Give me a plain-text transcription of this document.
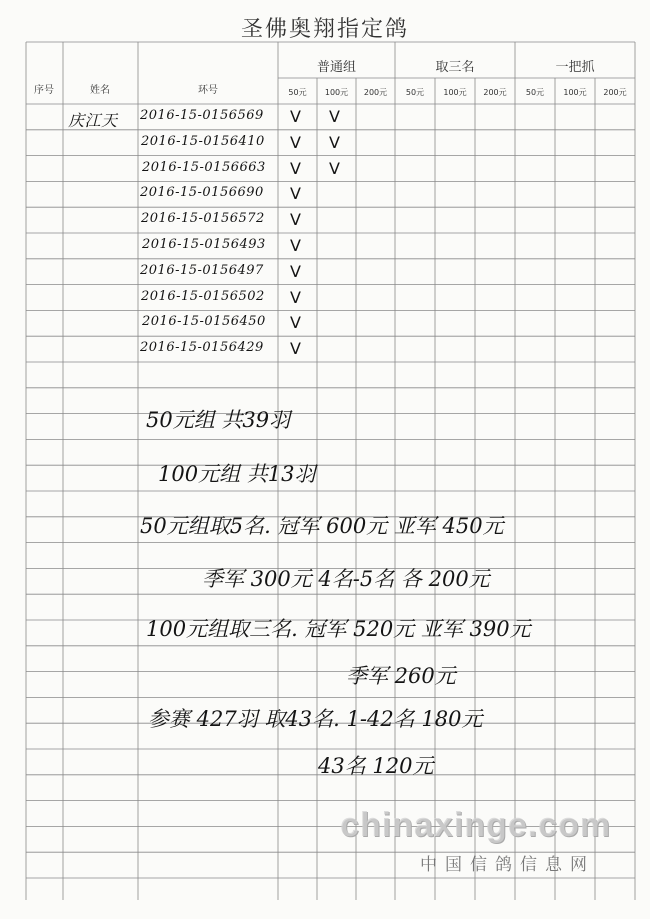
圣佛奥翔指定鸽
序号	姓名	环号
普通组	取三名	一把抓
50元	100元	200元	50元	100元	200元	50元	100元	200元
庆江天 2016-15-0156569 V V
2016-15-0156410 V V
2016-15-0156663 V V
2016-15-0156690 V
2016-15-0156572 V
2016-15-0156493 V
2016-15-0156497 V
2016-15-0156502 V
2016-15-0156450 V
2016-15-0156429 V
50元组 共39羽
100元组 共13羽
50元组取5名. 冠军 600元 亚军 450元
季军 300元 4名-5名 各 200元
100元组取三名. 冠军 520元 亚军 390元
季军 260元
参赛 427羽 取43名. 1-42名 180元
43名 120元
chinaxinge.com
中国信鸽信息网
